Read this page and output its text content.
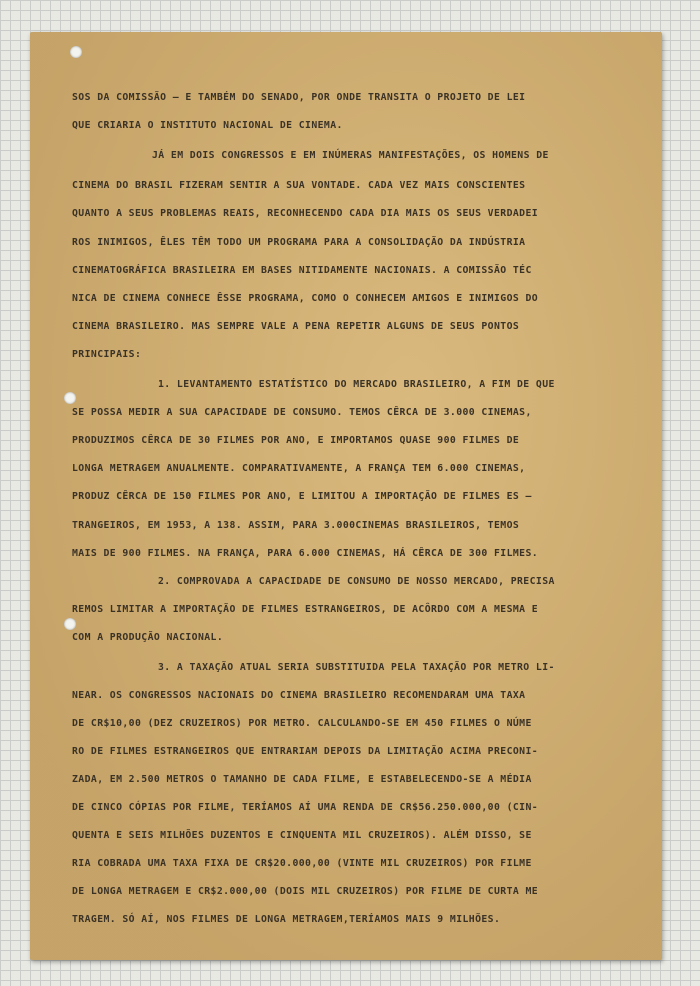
SOS DA COMISSÃO — E TAMBÉM DO SENADO, POR ONDE TRANSITA O PROJETO DE LEI
QUE CRIARIA O INSTITUTO NACIONAL DE CINEMA.
JÁ EM DOIS CONGRESSOS E EM INÚMERAS MANIFESTAÇÕES, OS HOMENS DE
CINEMA DO BRASIL FIZERAM SENTIR A SUA VONTADE. CADA VEZ MAIS CONSCIENTES
QUANTO A SEUS PROBLEMAS REAIS, RECONHECENDO CADA DIA MAIS OS SEUS VERDADEI
ROS INIMIGOS, ÊLES TÊM TODO UM PROGRAMA PARA A CONSOLIDAÇÃO DA INDÚSTRIA
CINEMATOGRÁFICA BRASILEIRA EM BASES NITIDAMENTE NACIONAIS. A COMISSÃO TÉC
NICA DE CINEMA CONHECE ÊSSE PROGRAMA, COMO O CONHECEM AMIGOS E INIMIGOS DO
CINEMA BRASILEIRO. MAS SEMPRE VALE A PENA REPETIR ALGUNS DE SEUS PONTOS
PRINCIPAIS:
1. LEVANTAMENTO ESTATÍSTICO DO MERCADO BRASILEIRO, A FIM DE QUE
SE POSSA MEDIR A SUA CAPACIDADE DE CONSUMO. TEMOS CÊRCA DE 3.000 CINEMAS,
PRODUZIMOS CÊRCA DE 30 FILMES POR ANO, E IMPORTAMOS QUASE 900 FILMES DE
LONGA METRAGEM ANUALMENTE. COMPARATIVAMENTE, A FRANÇA TEM 6.000 CINEMAS,
PRODUZ CÊRCA DE 150 FILMES POR ANO, E LIMITOU A IMPORTAÇÃO DE FILMES ES —
TRANGEIROS, EM 1953, A 138. ASSIM, PARA 3.000CINEMAS BRASILEIROS, TEMOS
MAIS DE 900 FILMES. NA FRANÇA, PARA 6.000 CINEMAS, HÁ CÊRCA DE 300 FILMES.
2. COMPROVADA A CAPACIDADE DE CONSUMO DE NOSSO MERCADO, PRECISA
REMOS LIMITAR A IMPORTAÇÃO DE FILMES ESTRANGEIROS, DE ACÔRDO COM A MESMA E
COM A PRODUÇÃO NACIONAL.
3. A TAXAÇÃO ATUAL SERIA SUBSTITUIDA PELA TAXAÇÃO POR METRO LI-
NEAR. OS CONGRESSOS NACIONAIS DO CINEMA BRASILEIRO RECOMENDARAM UMA TAXA
DE CR$10,00 (DEZ CRUZEIROS) POR METRO. CALCULANDO-SE EM 450 FILMES O NÚME
RO DE FILMES ESTRANGEIROS QUE ENTRARIAM DEPOIS DA LIMITAÇÃO ACIMA PRECONI-
ZADA, EM 2.500 METROS O TAMANHO DE CADA FILME, E ESTABELECENDO-SE A MÉDIA
DE CINCO CÓPIAS POR FILME, TERÍAMOS AÍ UMA RENDA DE CR$56.250.000,00 (CIN-
QUENTA E SEIS MILHÕES DUZENTOS E CINQUENTA MIL CRUZEIROS). ALÉM DISSO, SE
RIA COBRADA UMA TAXA FIXA DE CR$20.000,00 (VINTE MIL CRUZEIROS) POR FILME
DE LONGA METRAGEM E CR$2.000,00 (DOIS MIL CRUZEIROS) POR FILME DE CURTA ME
TRAGEM. SÓ AÍ, NOS FILMES DE LONGA METRAGEM,TERÍAMOS MAIS 9 MILHÕES.
